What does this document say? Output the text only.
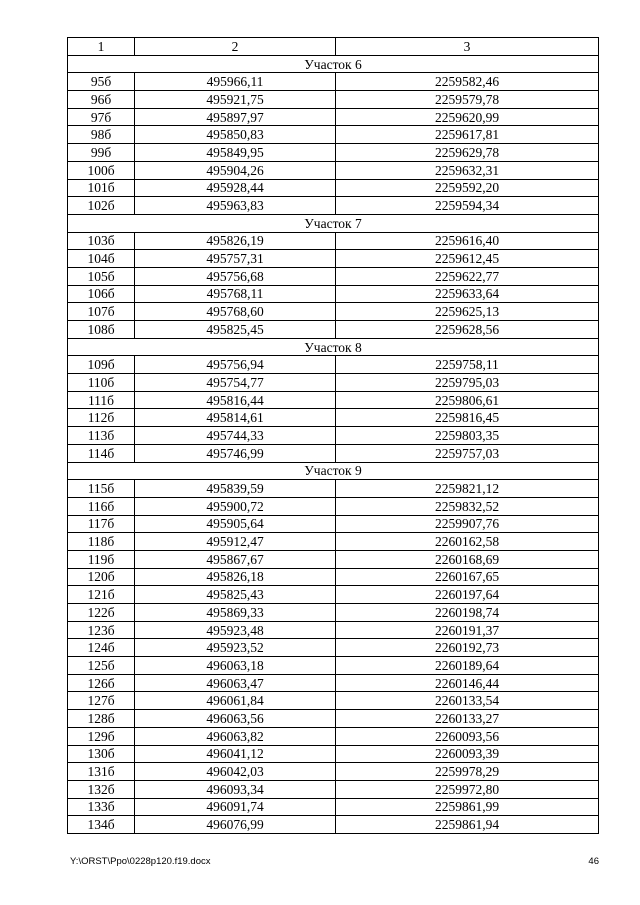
1	2	3
Участок 6		
95б	495966,11	2259582,46
96б	495921,75	2259579,78
97б	495897,97	2259620,99
98б	495850,83	2259617,81
99б	495849,95	2259629,78
100б	495904,26	2259632,31
101б	495928,44	2259592,20
102б	495963,83	2259594,34
Участок 7		
103б	495826,19	2259616,40
104б	495757,31	2259612,45
105б	495756,68	2259622,77
106б	495768,11	2259633,64
107б	495768,60	2259625,13
108б	495825,45	2259628,56
Участок 8		
109б	495756,94	2259758,11
110б	495754,77	2259795,03
111б	495816,44	2259806,61
112б	495814,61	2259816,45
113б	495744,33	2259803,35
114б	495746,99	2259757,03
Участок 9		
115б	495839,59	2259821,12
116б	495900,72	2259832,52
117б	495905,64	2259907,76
118б	495912,47	2260162,58
119б	495867,67	2260168,69
120б	495826,18	2260167,65
121б	495825,43	2260197,64
122б	495869,33	2260198,74
123б	495923,48	2260191,37
124б	495923,52	2260192,73
125б	496063,18	2260189,64
126б	496063,47	2260146,44
127б	496061,84	2260133,54
128б	496063,56	2260133,27
129б	496063,82	2260093,56
130б	496041,12	2260093,39
131б	496042,03	2259978,29
132б	496093,34	2259972,80
133б	496091,74	2259861,99
134б	496076,99	2259861,94
Y:\ORST\Ppo\0228p120.f19.docx	46
